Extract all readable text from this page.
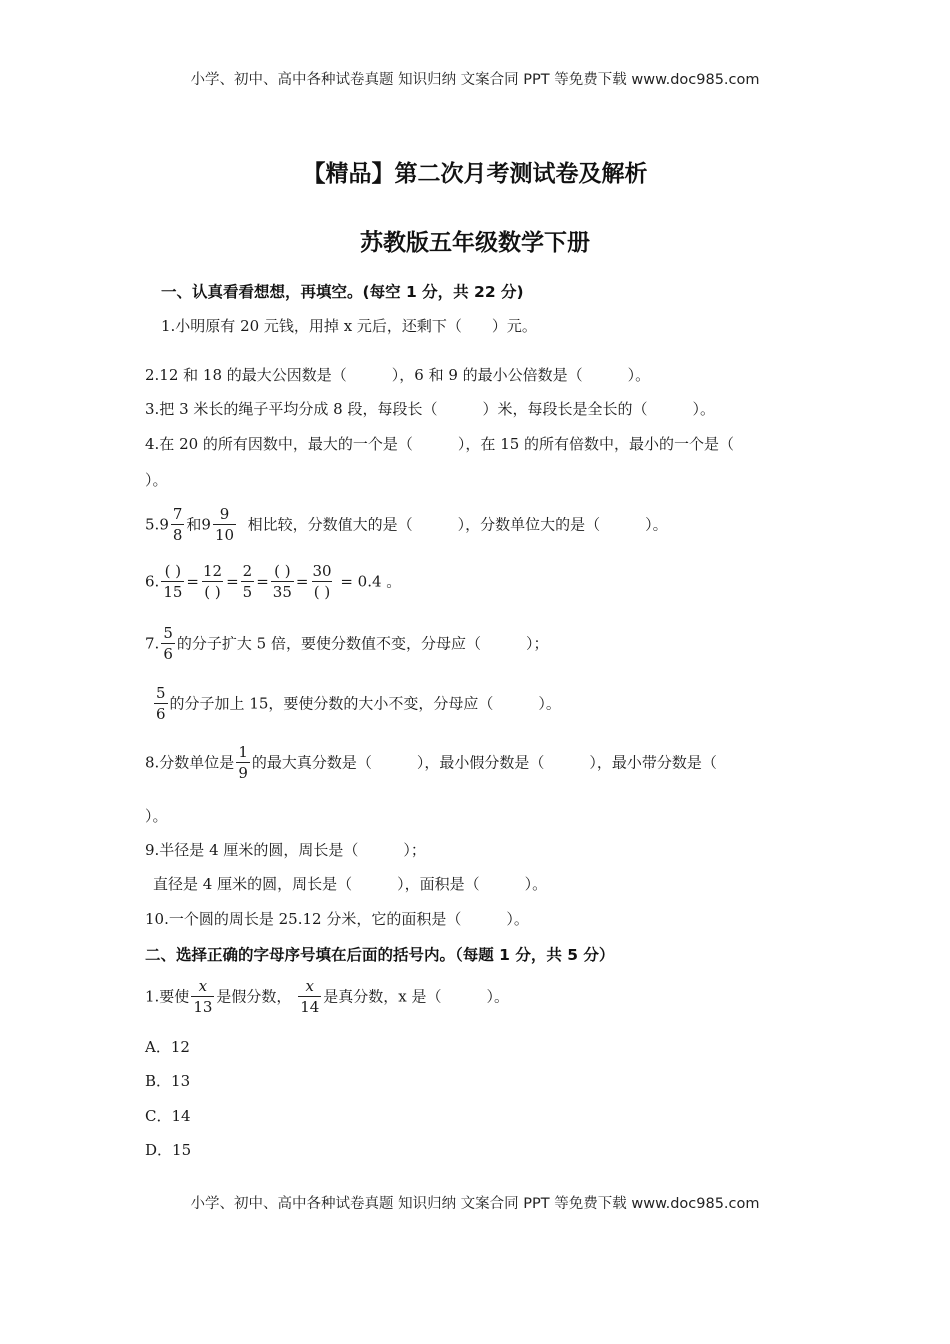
小学、初中、高中各种试卷真题 知识归纳 文案合同 PPT 等免费下载 www.doc985.com
【精品】第二次月考测试卷及解析
苏教版五年级数学下册
一、认真看看想想，再填空。(每空 1 分，共 22 分)
1.小明原有 20 元钱，用掉 x 元后，还剩下（　　）元。
2.12 和 18 的最大公因数是（　　　），6 和 9 的最小公倍数是（　　　）。
3.把 3 米长的绳子平均分成 8 段，每段长（　　　）米，每段长是全长的（　　　）。
4.在 20 的所有因数中，最大的一个是（　　　），在 15 的所有倍数中，最小的一个是（
）。
$5.9 \frac{7}{8}$ 和$9 \frac{9}{10}$ 相比较，分数值大的是（　　　），分数单位大的是（　　　）。
6. $\frac{( )}{15} = \frac{12}{( )} = \frac{2}{5} = \frac{( )}{35} = \frac{30}{( )} = 0.4$ 。
7. $\frac{5}{6}$ 的分子扩大 5 倍，要使分数值不变，分母应（　　　）；
$\frac{5}{6}$ 的分子加上 15，要使分数的大小不变，分母应（　　　）。
8.分数单位是 $\frac{1}{9}$ 的最大真分数是（　　　），最小假分数是（　　　），最小带分数是（
）。
9.半径是 4 厘米的圆，周长是（　　　）；
直径是 4 厘米的圆，周长是（　　　），面积是（　　　）。
10.一个圆的周长是 25.12 分米，它的面积是（　　　）。
二、选择正确的字母序号填在后面的括号内。（每题 1 分，共 5 分）
1.要使 $\frac{x}{13}$ 是假分数， $\frac{x}{14}$ 是真分数，x 是（　　　）。
A．12
B．13
C．14
D．15
小学、初中、高中各种试卷真题 知识归纳 文案合同 PPT 等免费下载 www.doc985.com
